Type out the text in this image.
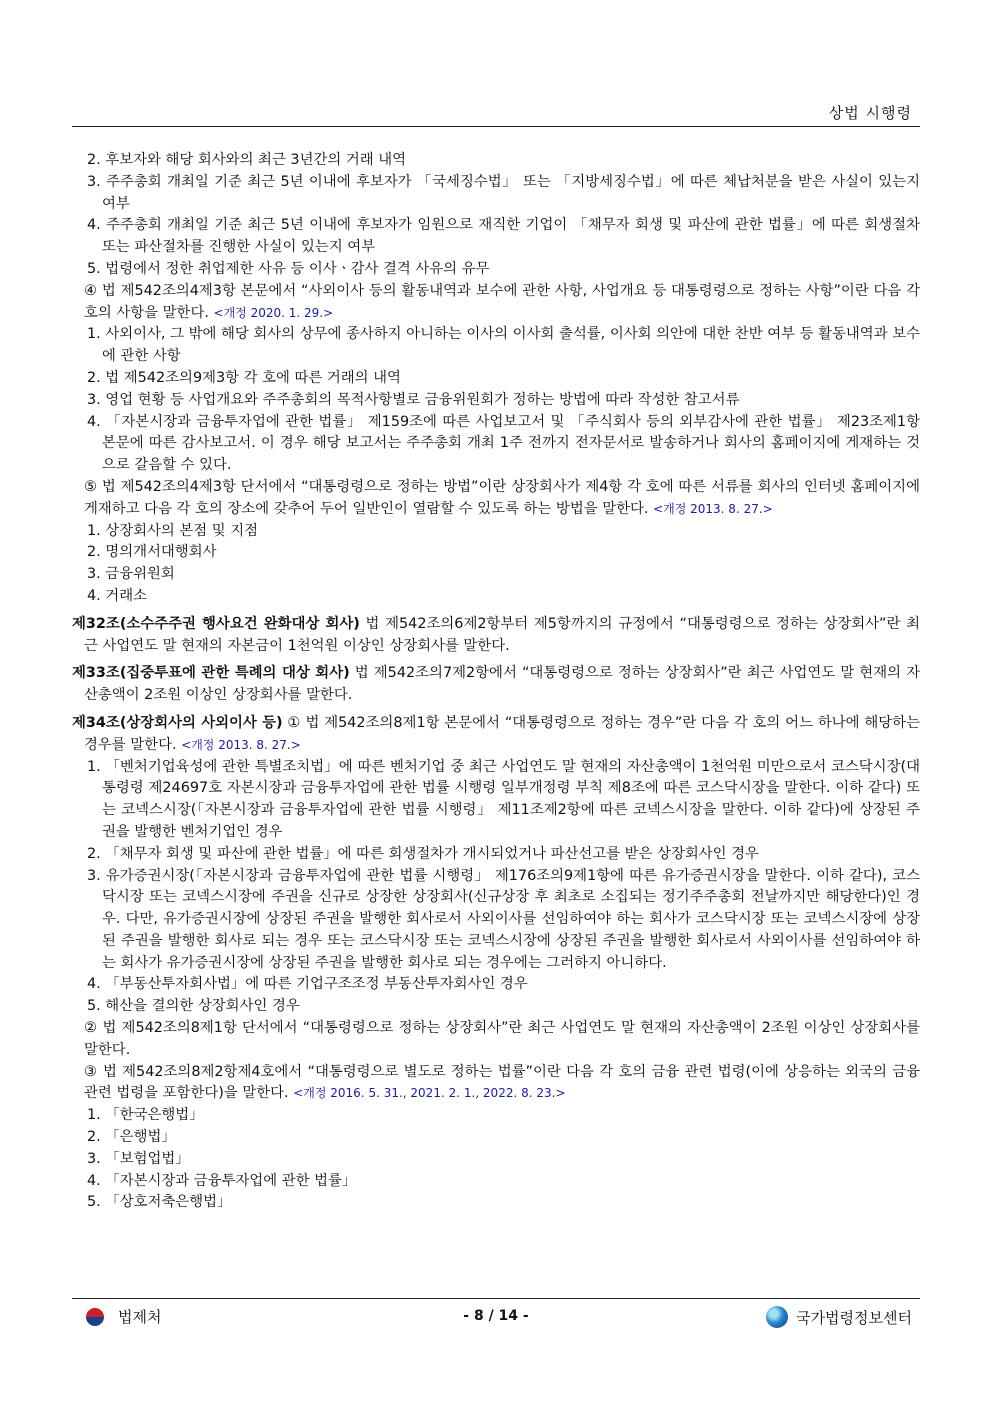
상법 시행령

2. 후보자와 해당 회사와의 최근 3년간의 거래 내역

3. 주주총회 개최일 기준 최근 5년 이내에 후보자가 「국세징수법」 또는 「지방세징수법」에 따른 체납처분을 받은 사실이 있는지 여부

4. 주주총회 개최일 기준 최근 5년 이내에 후보자가 임원으로 재직한 기업이 「채무자 회생 및 파산에 관한 법률」에 따른 회생절차 또는 파산절차를 진행한 사실이 있는지 여부

5. 법령에서 정한 취업제한 사유 등 이사ㆍ감사 결격 사유의 유무

④ 법 제542조의4제3항 본문에서 “사외이사 등의 활동내역과 보수에 관한 사항, 사업개요 등 대통령령으로 정하는 사항”이란 다음 각 호의 사항을 말한다. <개정 2020. 1. 29.>

1. 사외이사, 그 밖에 해당 회사의 상무에 종사하지 아니하는 이사의 이사회 출석률, 이사회 의안에 대한 찬반 여부 등 활동내역과 보수에 관한 사항

2. 법 제542조의9제3항 각 호에 따른 거래의 내역

3. 영업 현황 등 사업개요와 주주총회의 목적사항별로 금융위원회가 정하는 방법에 따라 작성한 참고서류

4. 「자본시장과 금융투자업에 관한 법률」 제159조에 따른 사업보고서 및 「주식회사 등의 외부감사에 관한 법률」 제23조제1항 본문에 따른 감사보고서. 이 경우 해당 보고서는 주주총회 개최 1주 전까지 전자문서로 발송하거나 회사의 홈페이지에 게재하는 것으로 갈음할 수 있다.

⑤ 법 제542조의4제3항 단서에서 “대통령령으로 정하는 방법”이란 상장회사가 제4항 각 호에 따른 서류를 회사의 인터넷 홈페이지에 게재하고 다음 각 호의 장소에 갖추어 두어 일반인이 열람할 수 있도록 하는 방법을 말한다. <개정 2013. 8. 27.>

1. 상장회사의 본점 및 지점

2. 명의개서대행회사

3. 금융위원회

4. 거래소

제32조(소수주주권 행사요건 완화대상 회사) 법 제542조의6제2항부터 제5항까지의 규정에서 “대통령령으로 정하는 상장회사”란 최근 사업연도 말 현재의 자본금이 1천억원 이상인 상장회사를 말한다.

제33조(집중투표에 관한 특례의 대상 회사) 법 제542조의7제2항에서 “대통령령으로 정하는 상장회사”란 최근 사업연도 말 현재의 자산총액이 2조원 이상인 상장회사를 말한다.

제34조(상장회사의 사외이사 등) ① 법 제542조의8제1항 본문에서 “대통령령으로 정하는 경우”란 다음 각 호의 어느 하나에 해당하는 경우를 말한다. <개정 2013. 8. 27.>

1. 「벤처기업육성에 관한 특별조치법」에 따른 벤처기업 중 최근 사업연도 말 현재의 자산총액이 1천억원 미만으로서 코스닥시장(대통령령 제24697호 자본시장과 금융투자업에 관한 법률 시행령 일부개정령 부칙 제8조에 따른 코스닥시장을 말한다. 이하 같다) 또는 코넥스시장(「자본시장과 금융투자업에 관한 법률 시행령」 제11조제2항에 따른 코넥스시장을 말한다. 이하 같다)에 상장된 주권을 발행한 벤처기업인 경우

2. 「채무자 회생 및 파산에 관한 법률」에 따른 회생절차가 개시되었거나 파산선고를 받은 상장회사인 경우

3. 유가증권시장(「자본시장과 금융투자업에 관한 법률 시행령」 제176조의9제1항에 따른 유가증권시장을 말한다. 이하 같다), 코스닥시장 또는 코넥스시장에 주권을 신규로 상장한 상장회사(신규상장 후 최초로 소집되는 정기주주총회 전날까지만 해당한다)인 경우. 다만, 유가증권시장에 상장된 주권을 발행한 회사로서 사외이사를 선임하여야 하는 회사가 코스닥시장 또는 코넥스시장에 상장된 주권을 발행한 회사로 되는 경우 또는 코스닥시장 또는 코넥스시장에 상장된 주권을 발행한 회사로서 사외이사를 선임하여야 하는 회사가 유가증권시장에 상장된 주권을 발행한 회사로 되는 경우에는 그러하지 아니하다.

4. 「부동산투자회사법」에 따른 기업구조조정 부동산투자회사인 경우

5. 해산을 결의한 상장회사인 경우

② 법 제542조의8제1항 단서에서 “대통령령으로 정하는 상장회사”란 최근 사업연도 말 현재의 자산총액이 2조원 이상인 상장회사를 말한다.

③ 법 제542조의8제2항제4호에서 “대통령령으로 별도로 정하는 법률”이란 다음 각 호의 금융 관련 법령(이에 상응하는 외국의 금융 관련 법령을 포함한다)을 말한다. <개정 2016. 5. 31., 2021. 2. 1., 2022. 8. 23.>

1. 「한국은행법」

2. 「은행법」

3. 「보험업법」

4. 「자본시장과 금융투자업에 관한 법률」

5. 「상호저축은행법」

법제처	- 8 / 14 -	국가법령정보센터
